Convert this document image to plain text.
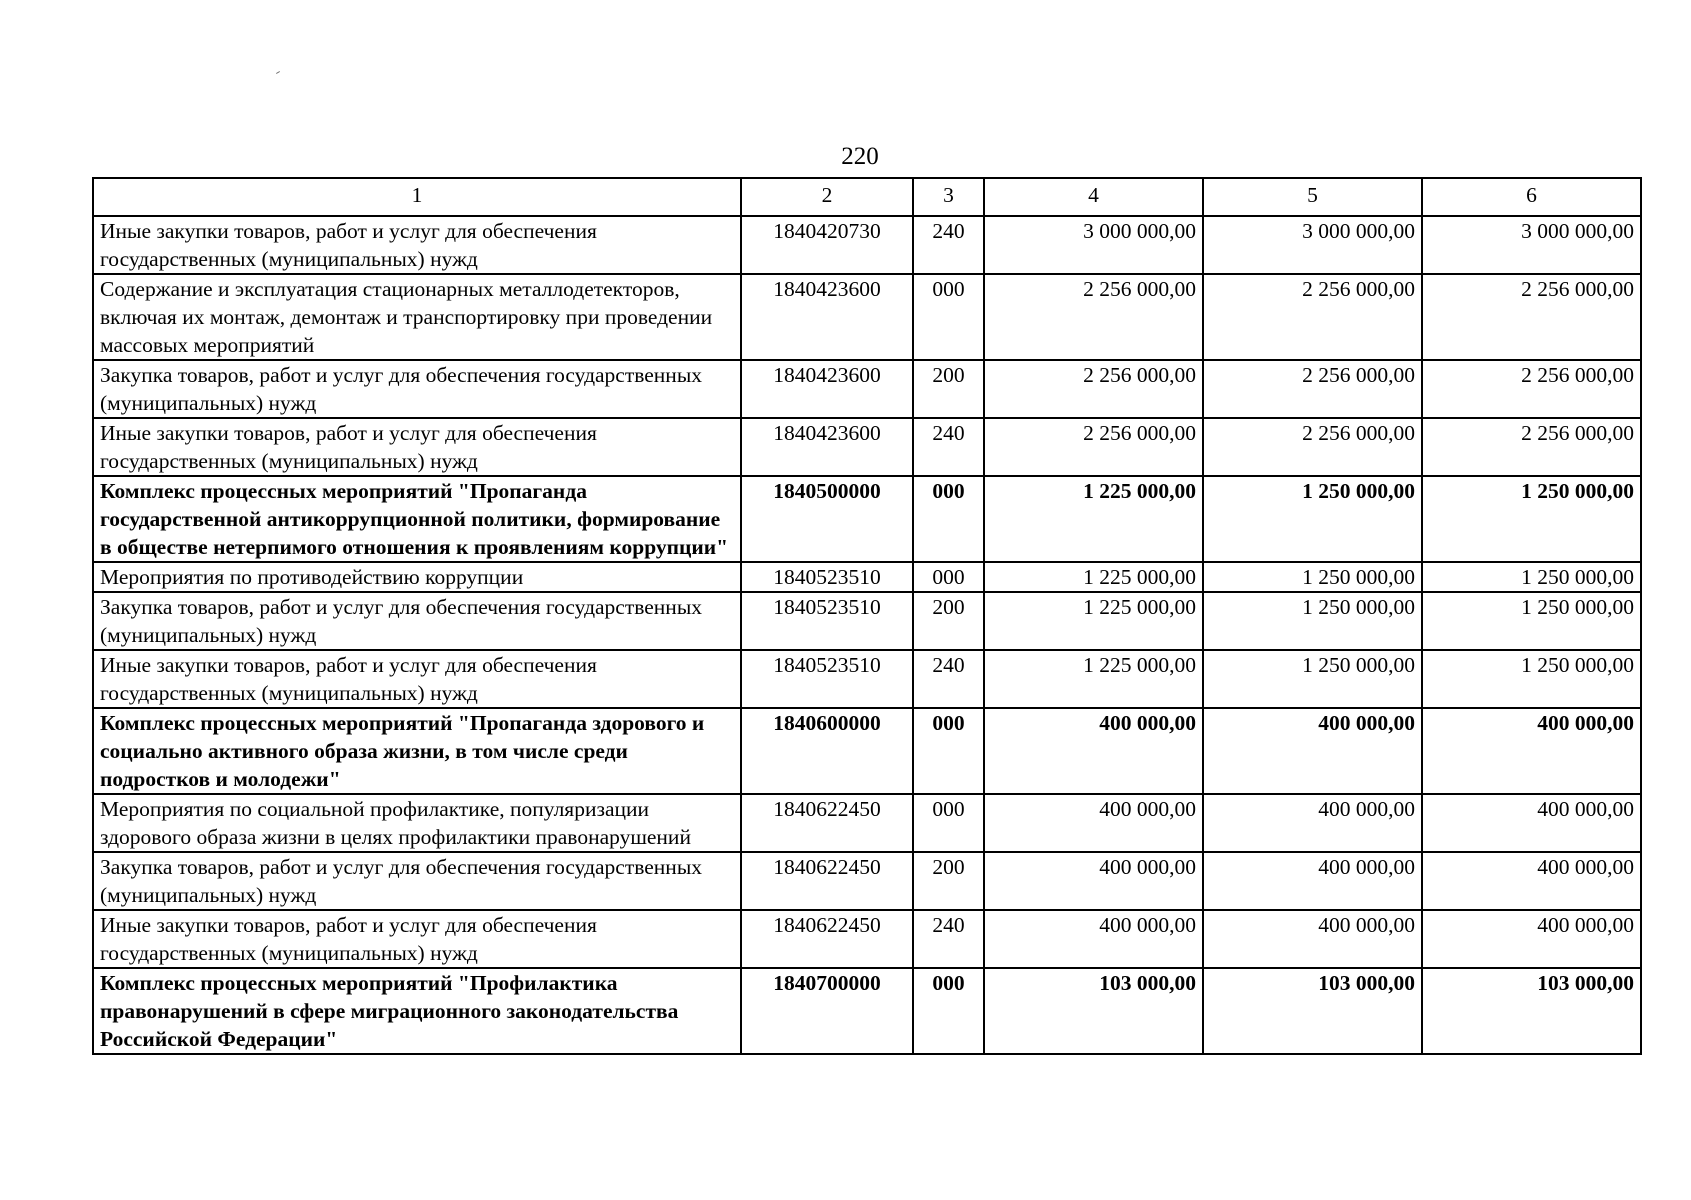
220
1	2	3	4	5	6
Иные закупки товаров, работ и услуг для обеспечения государственных (муниципальных) нужд	1840420730	240	3 000 000,00	3 000 000,00	3 000 000,00
Содержание и эксплуатация стационарных металлодетекторов, включая их монтаж, демонтаж и транспортировку при проведении массовых мероприятий	1840423600	000	2 256 000,00	2 256 000,00	2 256 000,00
Закупка товаров, работ и услуг для обеспечения государственных (муниципальных) нужд	1840423600	200	2 256 000,00	2 256 000,00	2 256 000,00
Иные закупки товаров, работ и услуг для обеспечения государственных (муниципальных) нужд	1840423600	240	2 256 000,00	2 256 000,00	2 256 000,00
Комплекс процессных мероприятий "Пропаганда государственной антикоррупционной политики, формирование в обществе нетерпимого отношения к проявлениям коррупции"	1840500000	000	1 225 000,00	1 250 000,00	1 250 000,00
Мероприятия по противодействию коррупции	1840523510	000	1 225 000,00	1 250 000,00	1 250 000,00
Закупка товаров, работ и услуг для обеспечения государственных (муниципальных) нужд	1840523510	200	1 225 000,00	1 250 000,00	1 250 000,00
Иные закупки товаров, работ и услуг для обеспечения государственных (муниципальных) нужд	1840523510	240	1 225 000,00	1 250 000,00	1 250 000,00
Комплекс процессных мероприятий "Пропаганда здорового и социально активного образа жизни, в том числе среди подростков и молодежи"	1840600000	000	400 000,00	400 000,00	400 000,00
Мероприятия по социальной профилактике, популяризации здорового образа жизни в целях профилактики правонарушений	1840622450	000	400 000,00	400 000,00	400 000,00
Закупка товаров, работ и услуг для обеспечения государственных (муниципальных) нужд	1840622450	200	400 000,00	400 000,00	400 000,00
Иные закупки товаров, работ и услуг для обеспечения государственных (муниципальных) нужд	1840622450	240	400 000,00	400 000,00	400 000,00
Комплекс процессных мероприятий "Профилактика правонарушений в сфере миграционного законодательства Российской Федерации"	1840700000	000	103 000,00	103 000,00	103 000,00
